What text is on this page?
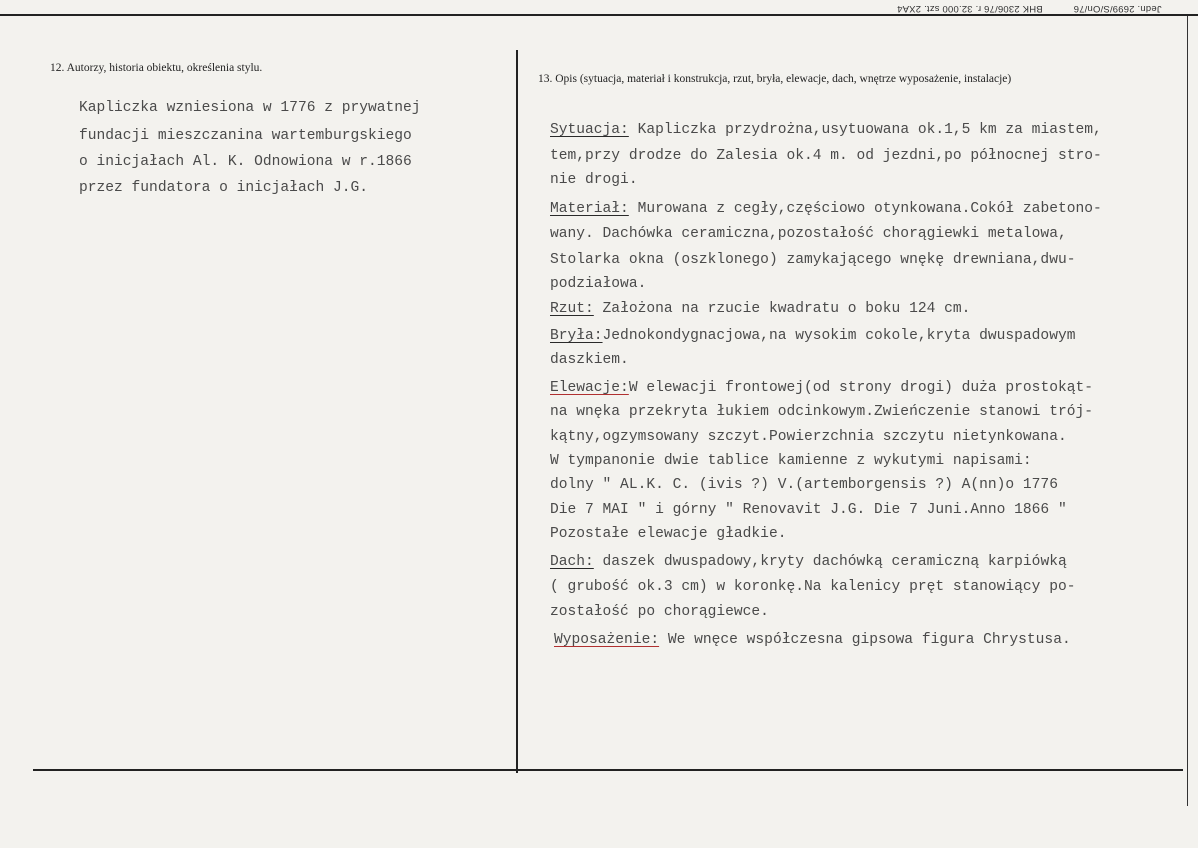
Jedn. 2699/S/On/76 BHK 2306/76 r. 32.000 szt. 2XA4
12. Autorzy, historia obiektu, określenia stylu.
Kapliczka wzniesiona w 1776 z prywatnej
fundacji mieszczanina wartemburgskiego
o inicjałach Al. K. Odnowiona w r.1866
przez fundatora o inicjałach J.G.
13. Opis (sytuacja, materiał i konstrukcja, rzut, bryła, elewacje, dach, wnętrze wyposażenie, instalacje)
Sytuacja: Kapliczka przydrożna,usytuowana ok.1,5 km za miastem,
tem,przy drodze do Zalesia ok.4 m. od jezdni,po północnej stro-
nie drogi.
Materiał: Murowana z cegły,częściowo otynkowana.Cokół zabetono-
wany. Dachówka ceramiczna,pozostałość chorągiewki metalowa,
Stolarka okna (oszklonego) zamykającego wnękę drewniana,dwu-
podziałowa.
Rzut: Założona na rzucie kwadratu o boku 124 cm.
Bryła:Jednokondygnacjowa,na wysokim cokole,kryta dwuspadowym
daszkiem.
Elewacje:W elewacji frontowej(od strony drogi) duża prostokąt-
na wnęka przekryta łukiem odcinkowym.Zwieńczenie stanowi trój-
kątny,ogzymsowany szczyt.Powierzchnia szczytu nietynkowana.
W tympanonie dwie tablice kamienne z wykutymi napisami:
dolny " AL.K. C. (ivis ?) V.(artemborgensis ?) A(nn)o 1776
Die 7 MAI " i górny " Renovavit J.G. Die 7 Juni.Anno 1866 "
Pozostałe elewacje gładkie.
Dach: daszek dwuspadowy,kryty dachówką ceramiczną karpiówką
( grubość ok.3 cm) w koronkę.Na kalenicy pręt stanowiący po-
zostałość po chorągiewce.
Wyposażenie: We wnęce współczesna gipsowa figura Chrystusa.
